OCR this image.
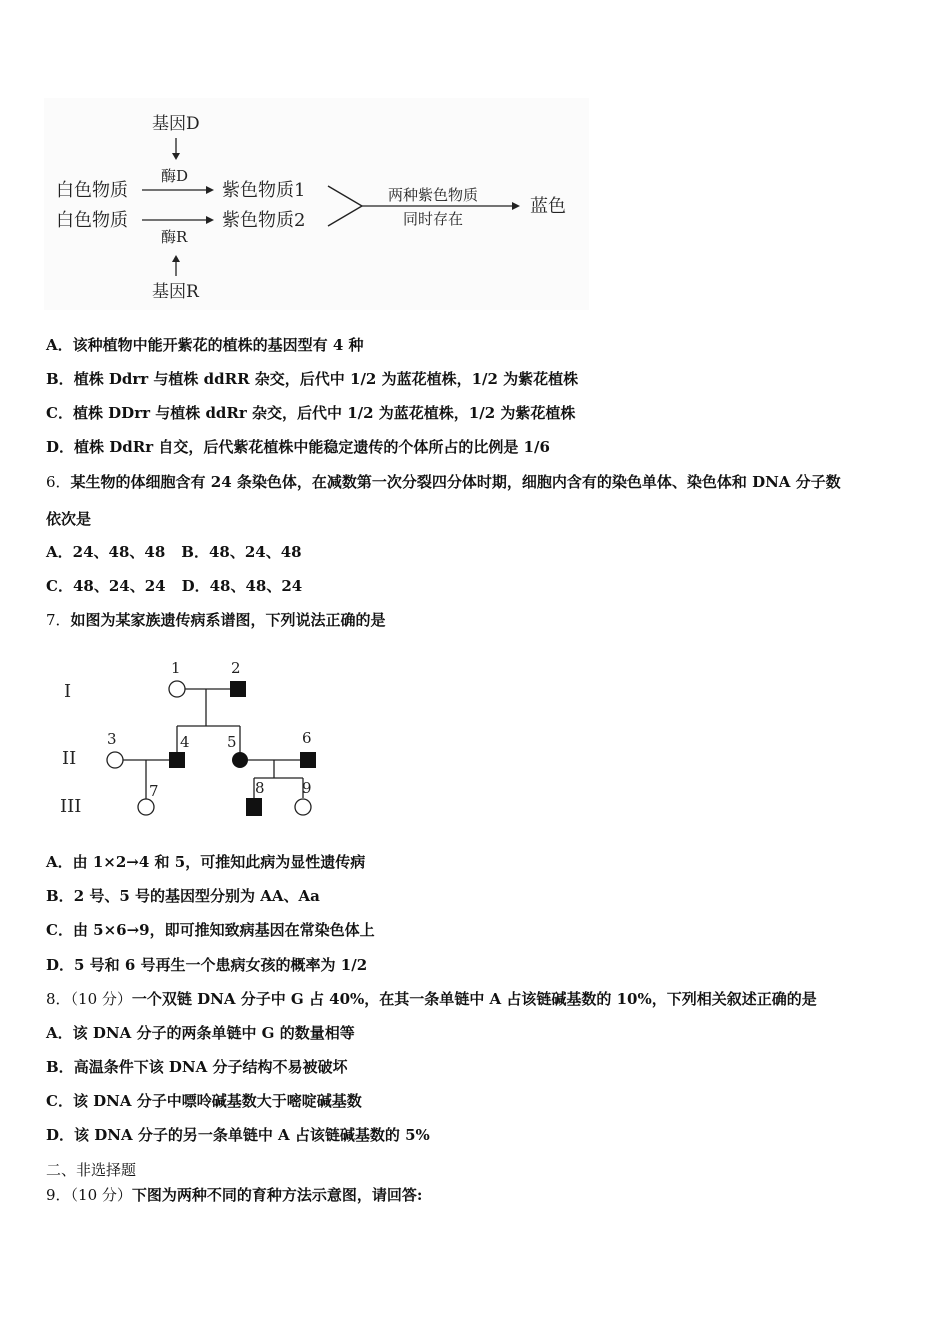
基因D
酶D
白色物质	紫色物质1
白色物质	紫色物质2
酶R
基因R
两种紫色物质
同时存在
蓝色
A．该种植物中能开紫花的植株的基因型有 4 种
B．植株 Ddrr 与植株 ddRR 杂交，后代中 1/2 为蓝花植株，1/2 为紫花植株
C．植株 DDrr 与植株 ddRr 杂交，后代中 1/2 为蓝花植株，1/2 为紫花植株
D．植株 DdRr 自交，后代紫花植株中能稳定遗传的个体所占的比例是 1/6
6．某生物的体细胞含有 24 条染色体，在减数第一次分裂四分体时期，细胞内含有的染色单体、染色体和 DNA 分子数
依次是
A．24、48、48 B．48、24、48
C．48、24、24 D．48、48、24
7．如图为某家族遗传病系谱图，下列说法正确的是
I
II
III
1	2
3	4 5	6
7	8 9
A．由 1×2→4 和 5，可推知此病为显性遗传病
B．2 号、5 号的基因型分别为 AA、Aa
C．由 5×6→9，即可推知致病基因在常染色体上
D．5 号和 6 号再生一个患病女孩的概率为 1/2
8．（10 分）一个双链 DNA 分子中 G 占 40%，在其一条单链中 A 占该链碱基数的 10%，下列相关叙述正确的是
A．该 DNA 分子的两条单链中 G 的数量相等
B．高温条件下该 DNA 分子结构不易被破坏
C．该 DNA 分子中嘌呤碱基数大于嘧啶碱基数
D．该 DNA 分子的另一条单链中 A 占该链碱基数的 5%
二、非选择题
9．（10 分）下图为两种不同的育种方法示意图，请回答:
